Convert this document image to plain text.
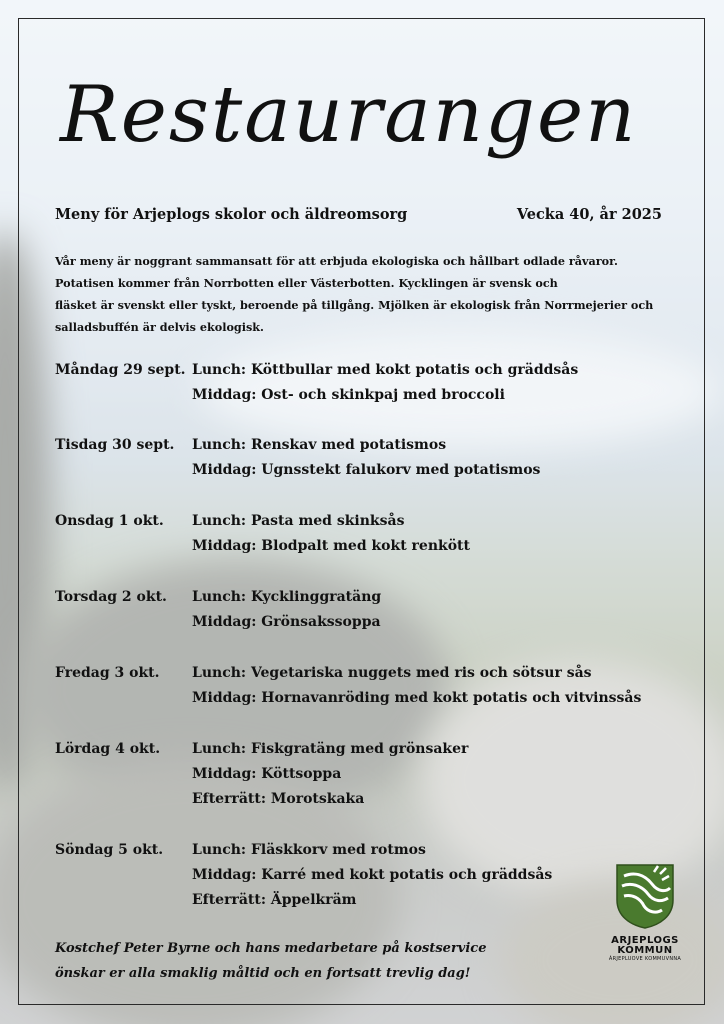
Restaurangen
Meny för Arjeplogs skolor och äldreomsorg	Vecka 40, år 2025
Vår meny är noggrant sammansatt för att erbjuda ekologiska och hållbart odlade råvaror.
Potatisen kommer från Norrbotten eller Västerbotten. Kycklingen är svensk och
fläsket är svenskt eller tyskt, beroende på tillgång. Mjölken är ekologisk från Norrmejerier och
salladsbuffén är delvis ekologisk.
Måndag 29 sept. Lunch: Köttbullar med kokt potatis och gräddsås
Middag: Ost- och skinkpaj med broccoli
Tisdag 30 sept. Lunch: Renskav med potatismos
Middag: Ugnsstekt falukorv med potatismos
Onsdag 1 okt. Lunch: Pasta med skinksås
Middag: Blodpalt med kokt renkött
Torsdag 2 okt. Lunch: Kycklinggratäng
Middag: Grönsakssoppa
Fredag 3 okt. Lunch: Vegetariska nuggets med ris och sötsur sås
Middag: Hornavanröding med kokt potatis och vitvinssås
Lördag 4 okt. Lunch: Fiskgratäng med grönsaker
Middag: Köttsoppa
Efterrätt: Morotskaka
Söndag 5 okt. Lunch: Fläskkorv med rotmos
Middag: Karré med kokt potatis och gräddsås
Efterrätt: Äppelkräm
Kostchef Peter Byrne och hans medarbetare på kostservice
önskar er alla smaklig måltid och en fortsatt trevlig dag!
ARJEPLOGS
KOMMUN
ÁRJEPLUOVE KOMMUVNNA
